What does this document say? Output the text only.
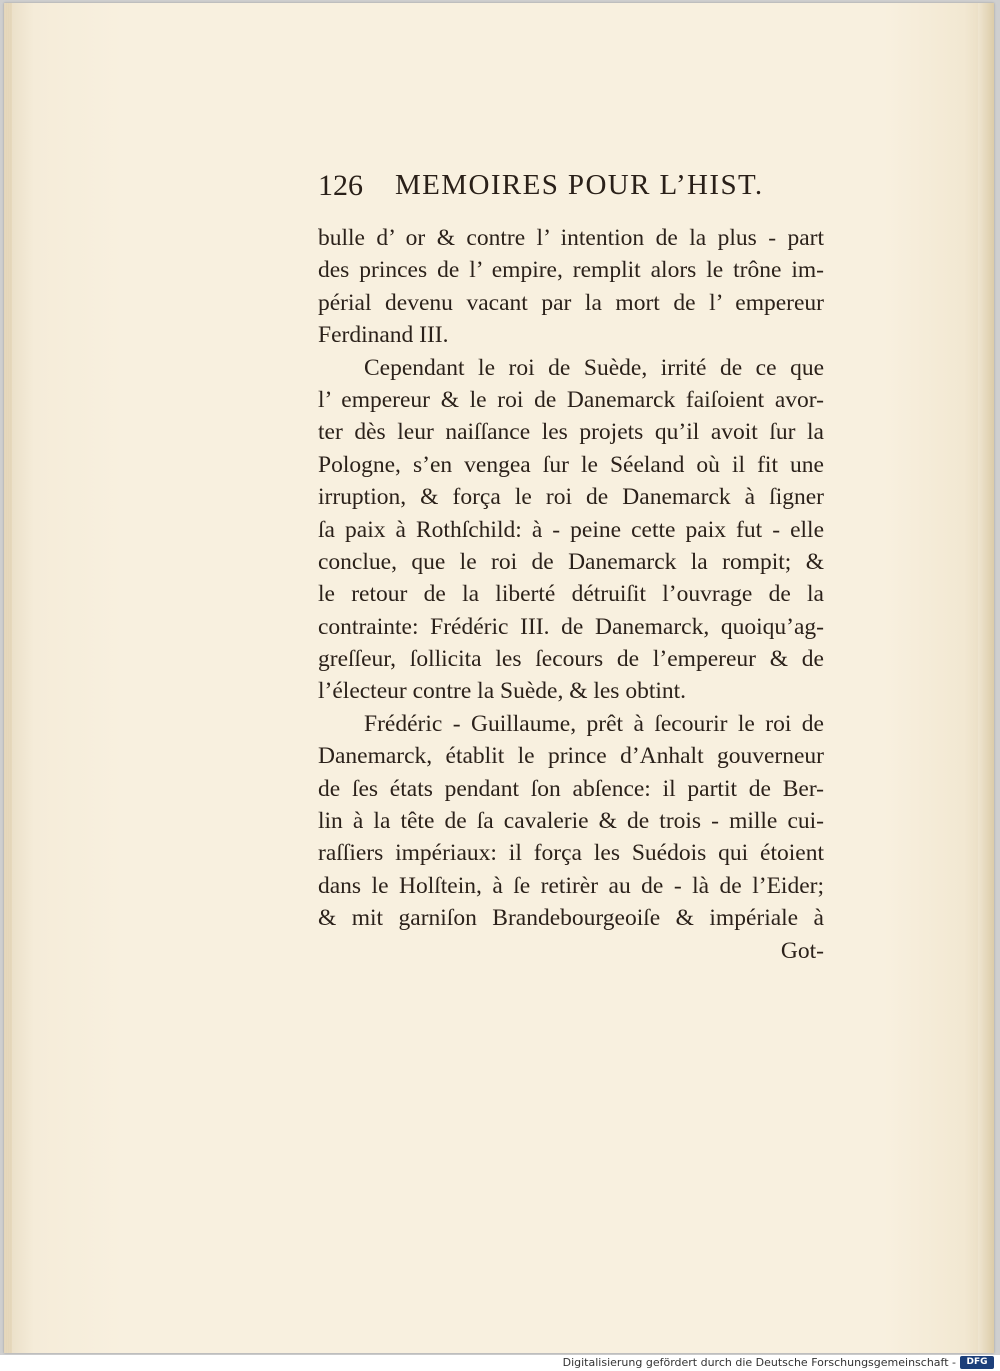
126 MEMOIRES POUR L’HIST.
bulle d’ or & contre l’ intention de la plus - part
des princes de l’ empire, remplit alors le trône im-
périal devenu vacant par la mort de l’ empereur
Ferdinand III.
Cependant le roi de Suède, irrité de ce que
l’ empereur & le roi de Danemarck faiſoient avor-
ter dès leur naiſſance les projets qu’il avoit ſur la
Pologne, s’en vengea ſur le Séeland où il fit une
irruption, & força le roi de Danemarck à ſigner
ſa paix à Rothſchild: à - peine cette paix fut - elle
conclue, que le roi de Danemarck la rompit; &
le retour de la liberté détruiſit l’ouvrage de la
contrainte: Frédéric III. de Danemarck, quoiqu’ag-
greſſeur, ſollicita les ſecours de l’empereur & de
l’électeur contre la Suède, & les obtint.
Frédéric - Guillaume, prêt à ſecourir le roi de
Danemarck, établit le prince d’Anhalt gouverneur
de ſes états pendant ſon abſence: il partit de Ber-
lin à la tête de ſa cavalerie & de trois - mille cui-
raſſiers impériaux: il força les Suédois qui étoient
dans le Holſtein, à ſe retirèr au de - là de l’Eider;
& mit garniſon Brandebourgeoiſe & impériale à
Got-
Digitalisierung gefördert durch die Deutsche Forschungsgemeinschaft -	DFG
